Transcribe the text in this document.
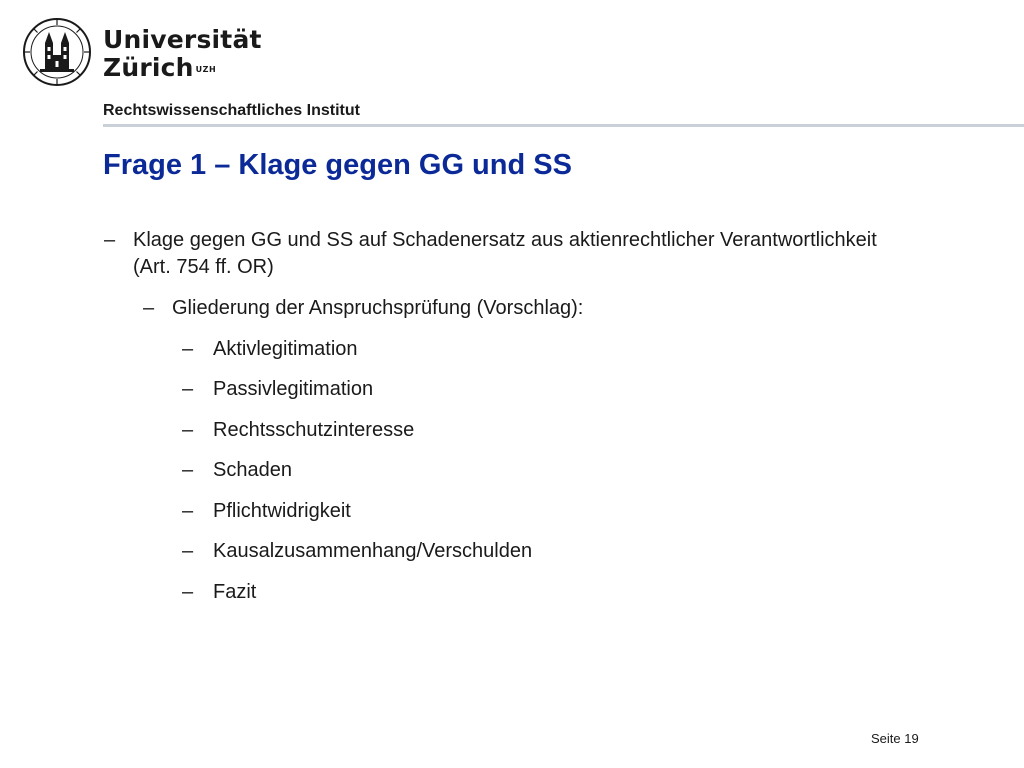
Universität
Zürich $^{UZH}$
Rechtswissenschaftliches Institut
Frage 1 – Klage gegen GG und SS
– Klage gegen GG und SS auf Schadenersatz aus aktienrechtlicher Verantwortlichkeit (Art. 754 ff. OR)
– Gliederung der Anspruchsprüfung (Vorschlag):
– Aktivlegitimation
– Passivlegitimation
– Rechtsschutzinteresse
– Schaden
– Pflichtwidrigkeit
– Kausalzusammenhang/Verschulden
– Fazit
Seite 19
